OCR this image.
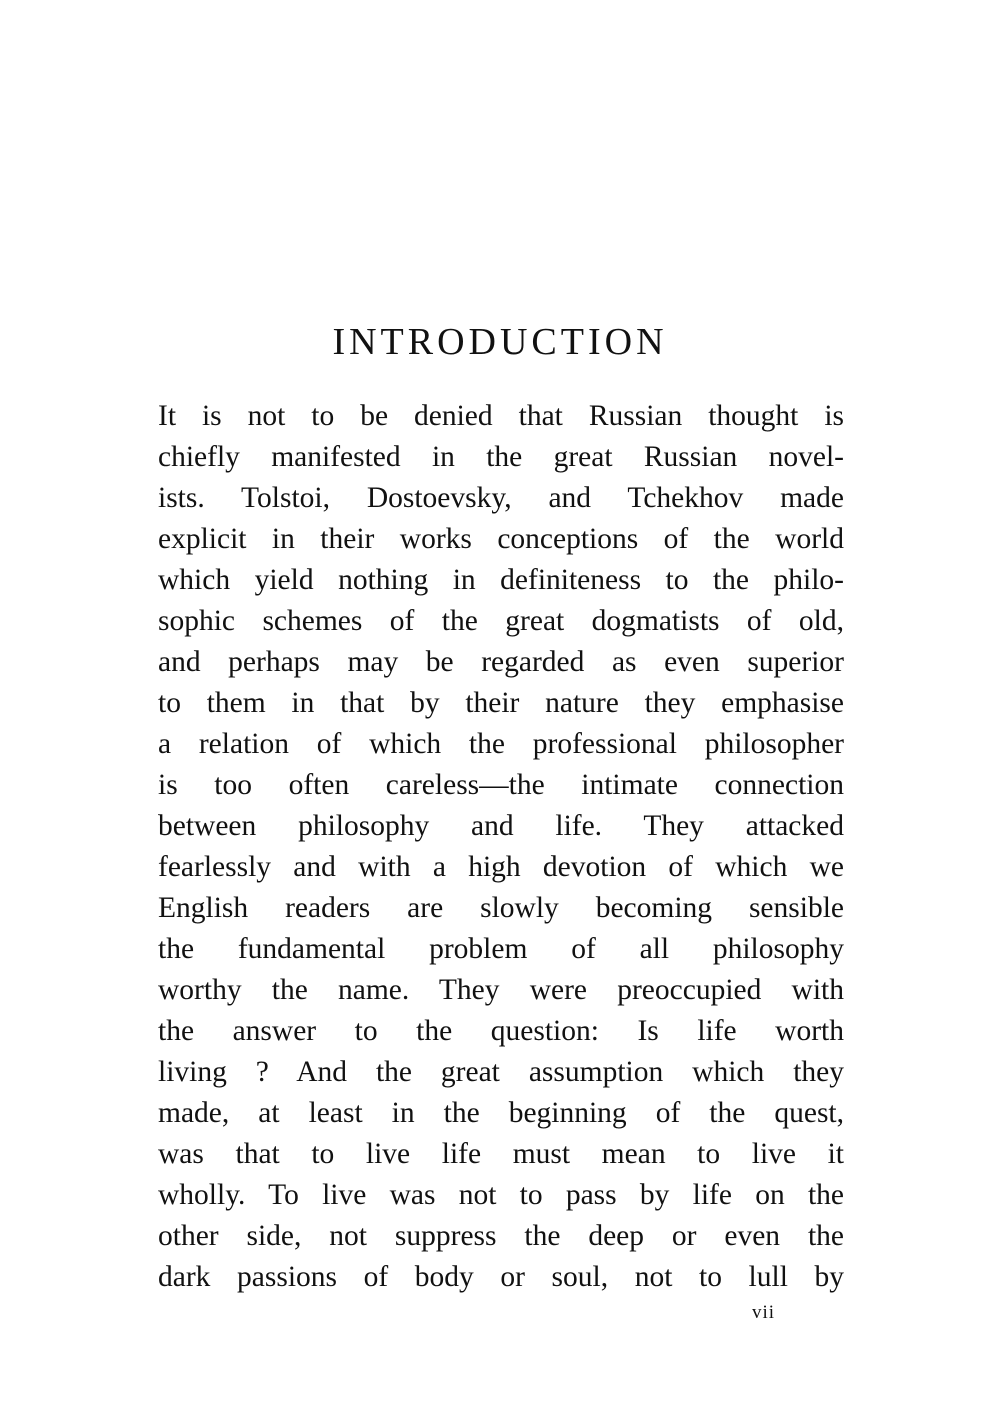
INTRODUCTION
It is not to be denied that Russian thought is
chiefly manifested in the great Russian novel-
ists. Tolstoi, Dostoevsky, and Tchekhov made
explicit in their works conceptions of the world
which yield nothing in definiteness to the philo-
sophic schemes of the great dogmatists of old,
and perhaps may be regarded as even superior
to them in that by their nature they emphasise
a relation of which the professional philosopher
is too often careless—the intimate connection
between philosophy and life. They attacked
fearlessly and with a high devotion of which we
English readers are slowly becoming sensible
the fundamental problem of all philosophy
worthy the name. They were preoccupied with
the answer to the question: Is life worth
living ? And the great assumption which they
made, at least in the beginning of the quest,
was that to live life must mean to live it
wholly. To live was not to pass by life on the
other side, not suppress the deep or even the
dark passions of body or soul, not to lull by
vii
